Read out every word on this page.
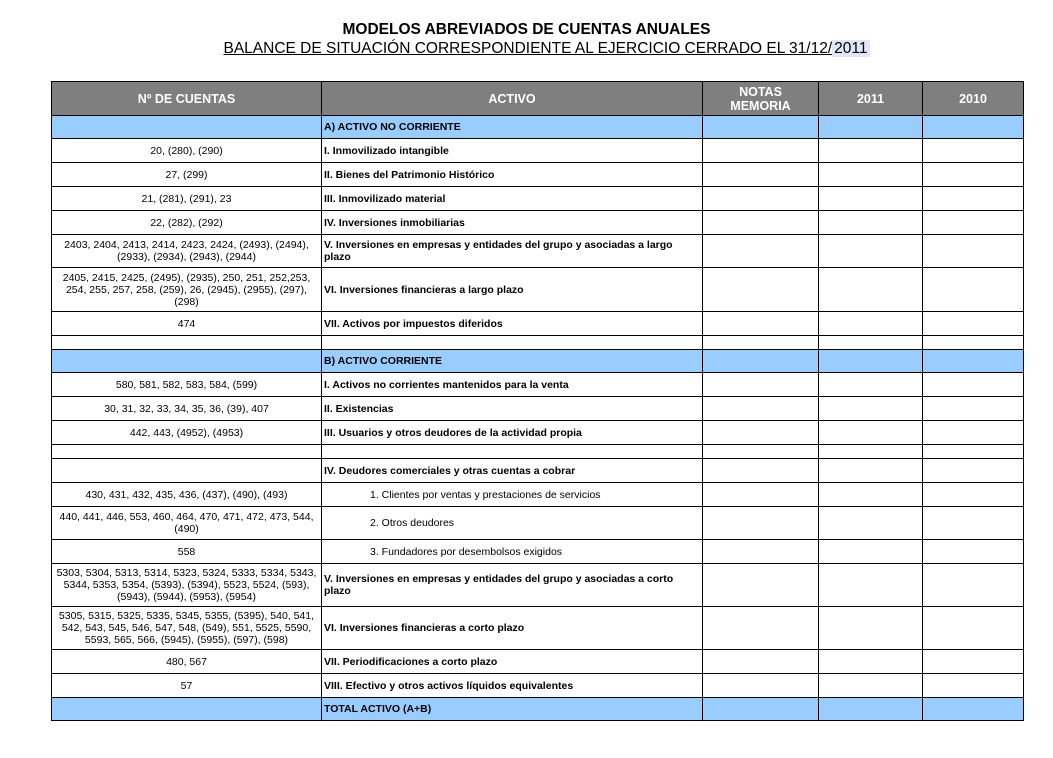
MODELOS ABREVIADOS DE CUENTAS ANUALES
BALANCE DE SITUACIÓN CORRESPONDIENTE AL EJERCICIO CERRADO EL 31/12/ 2011
Nº DE CUENTAS	ACTIVO	NOTAS MEMORIA	2011	2010
	A) ACTIVO NO CORRIENTE	

20, (280), (290)	I. Inmovilizado intangible	

27, (299)	II. Bienes del Patrimonio Histórico	

21, (281), (291), 23	III. Inmovilizado material	

22, (282), (292)	IV. Inversiones inmobiliarias	

2403, 2404, 2413, 2414, 2423, 2424, (2493), (2494), (2933), (2934), (2943), (2944)	V. Inversiones en empresas y entidades del grupo y asociadas a largo plazo	

2405, 2415, 2425, (2495), (2935), 250, 251, 252,253, 254, 255, 257, 258, (259), 26, (2945), (2955), (297), (298)	VI. Inversiones financieras a largo plazo	

474	VII. Activos por impuestos diferidos	

	B) ACTIVO CORRIENTE	

580, 581, 582, 583, 584, (599)	I. Activos no corrientes mantenidos para la venta	

30, 31, 32, 33, 34, 35, 36, (39), 407	II. Existencias	

442, 443, (4952), (4953)	III. Usuarios y otros deudores de la actividad propia	

	IV. Deudores comerciales y otras cuentas a cobrar	

430, 431, 432, 435, 436, (437), (490), (493)	1. Clientes por ventas y prestaciones de servicios	

440, 441, 446, 553, 460, 464, 470, 471, 472, 473, 544, (490)	2. Otros deudores	

558	3. Fundadores por desembolsos exigidos	

5303, 5304, 5313, 5314, 5323, 5324, 5333, 5334, 5343, 5344, 5353, 5354, (5393), (5394), 5523, 5524, (593), (5943), (5944), (5953), (5954)	V. Inversiones en empresas y entidades del grupo y asociadas a corto plazo	

5305, 5315, 5325, 5335, 5345, 5355, (5395), 540, 541, 542, 543, 545, 546, 547, 548, (549), 551, 5525, 5590, 5593, 565, 566, (5945), (5955), (597), (598)	VI. Inversiones financieras a corto plazo	

480, 567	VII. Periodificaciones a corto plazo	

57	VIII. Efectivo y otros activos líquidos equivalentes	

	TOTAL ACTIVO (A+B)	
